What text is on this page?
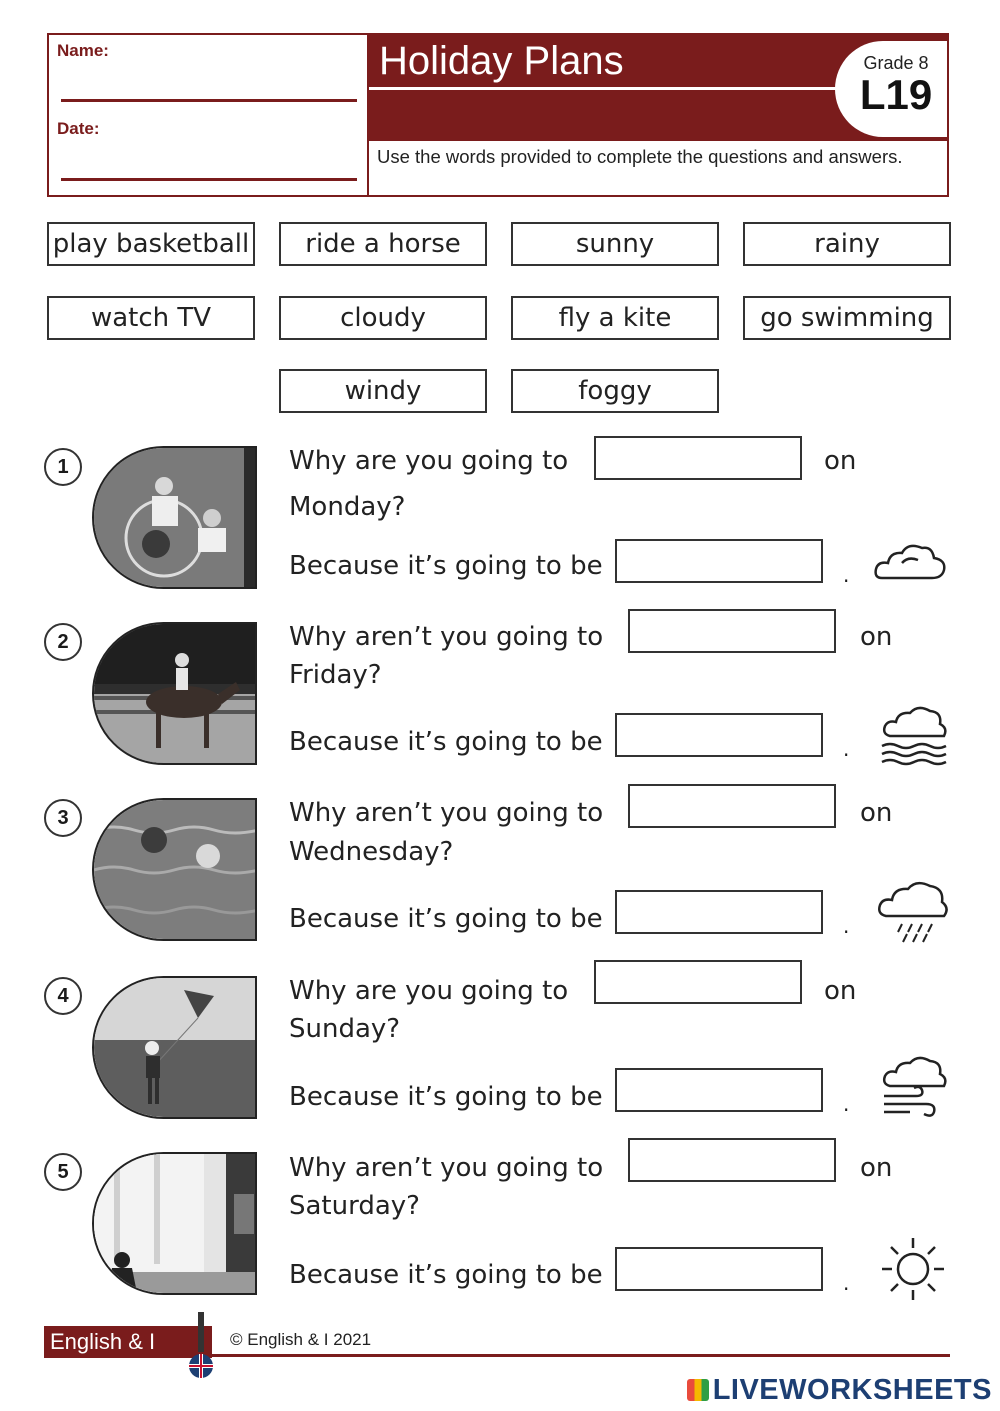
Name:
Date:
Holiday Plans	Grade 8
L19
Use the words provided to complete the questions and answers.
play basketball	ride a horse	sunny	rainy
watch TV	cloudy	fly a kite	go swimming
windy	foggy
1	Why are you going to	on
Monday?
Because it’s going to be	.
2	Why aren’t you going to	on
Friday?
Because it’s going to be	.
3	Why aren’t you going to	on
Wednesday?
Because it’s going to be	.
4	Why are you going to	on
Sunday?
Because it’s going to be	.
5	Why aren’t you going to	on
Saturday?
Because it’s going to be	.
English & I	© English & I 2021
LIVEWORKSHEETS
